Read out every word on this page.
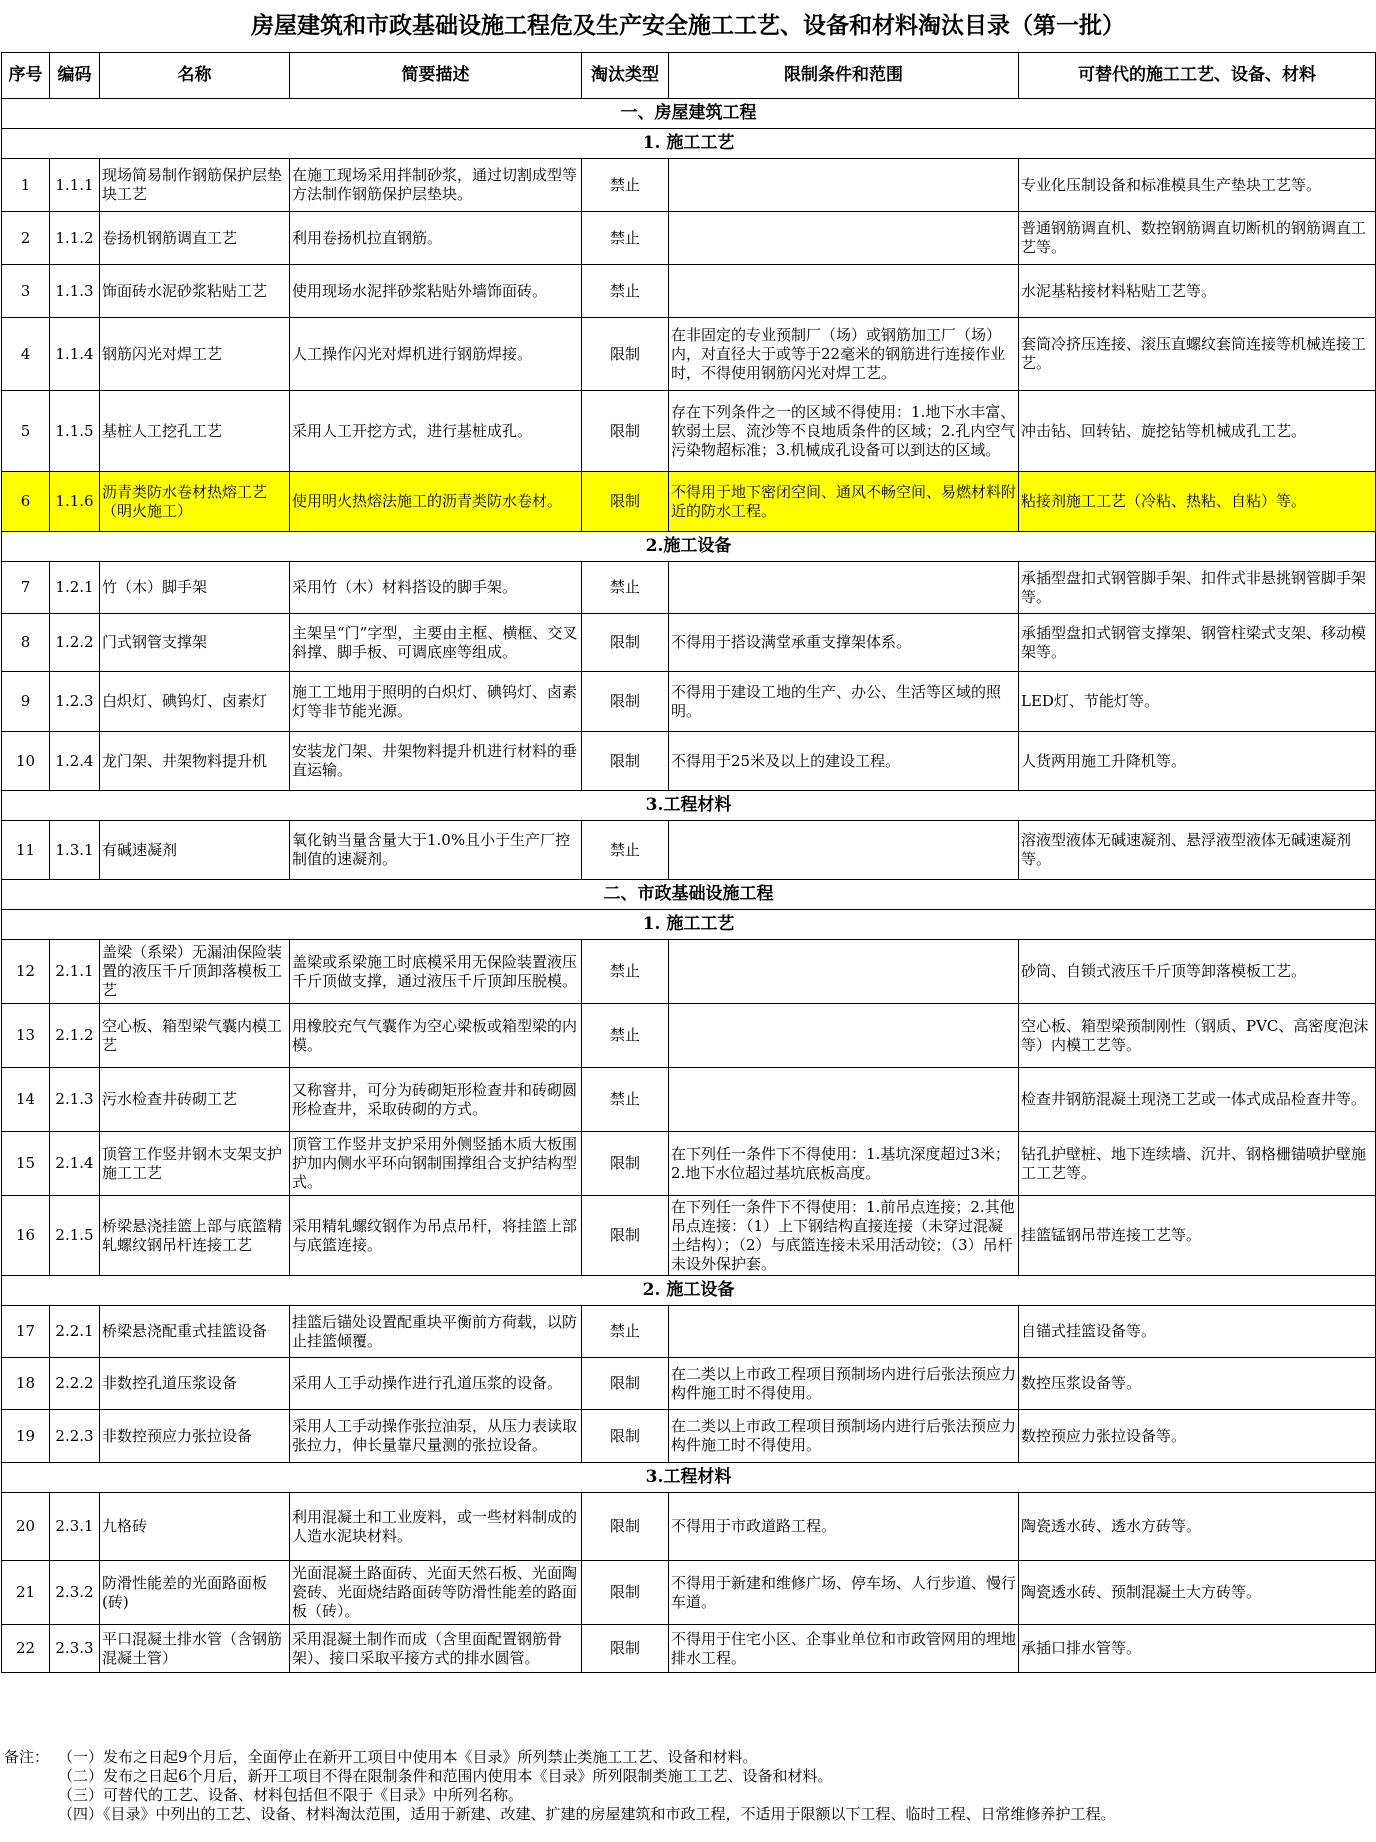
房屋建筑和市政基础设施工程危及生产安全施工工艺、设备和材料淘汰目录（第一批）
序号	编码	名称	简要描述	淘汰类型	限制条件和范围	可替代的施工工艺、设备、材料
一、房屋建筑工程						
1. 施工工艺						
1	1.1.1	现场简易制作钢筋保护层垫块工艺	在施工现场采用拌制砂浆，通过切割成型等方法制作钢筋保护层垫块。	禁止		专业化压制设备和标准模具生产垫块工艺等。
2	1.1.2	卷扬机钢筋调直工艺	利用卷扬机拉直钢筋。	禁止		普通钢筋调直机、数控钢筋调直切断机的钢筋调直工艺等。
3	1.1.3	饰面砖水泥砂浆粘贴工艺	使用现场水泥拌砂浆粘贴外墙饰面砖。	禁止		水泥基粘接材料粘贴工艺等。
4	1.1.4	钢筋闪光对焊工艺	人工操作闪光对焊机进行钢筋焊接。	限制	在非固定的专业预制厂（场）或钢筋加工厂（场）内，对直径大于或等于22毫米的钢筋进行连接作业时，不得使用钢筋闪光对焊工艺。	套筒冷挤压连接、滚压直螺纹套筒连接等机械连接工艺。
5	1.1.5	基桩人工挖孔工艺	采用人工开挖方式，进行基桩成孔。	限制	存在下列条件之一的区域不得使用：1.地下水丰富、软弱土层、流沙等不良地质条件的区域；2.孔内空气污染物超标准；3.机械成孔设备可以到达的区域。	冲击钻、回转钻、旋挖钻等机械成孔工艺。
6	1.1.6	沥青类防水卷材热熔工艺（明火施工）	使用明火热熔法施工的沥青类防水卷材。	限制	不得用于地下密闭空间、通风不畅空间、易燃材料附近的防水工程。	粘接剂施工工艺（冷粘、热粘、自粘）等。
2.施工设备						
7	1.2.1	竹（木）脚手架	采用竹（木）材料搭设的脚手架。	禁止		承插型盘扣式钢管脚手架、扣件式非悬挑钢管脚手架等。
8	1.2.2	门式钢管支撑架	主架呈“门”字型，主要由主框、横框、交叉斜撑、脚手板、可调底座等组成。	限制	不得用于搭设满堂承重支撑架体系。	承插型盘扣式钢管支撑架、钢管柱梁式支架、移动模架等。
9	1.2.3	白炽灯、碘钨灯、卤素灯	施工工地用于照明的白炽灯、碘钨灯、卤素灯等非节能光源。	限制	不得用于建设工地的生产、办公、生活等区域的照明。	LED灯、节能灯等。
10	1.2.4	龙门架、井架物料提升机	安装龙门架、井架物料提升机进行材料的垂直运输。	限制	不得用于25米及以上的建设工程。	人货两用施工升降机等。
3.工程材料						
11	1.3.1	有碱速凝剂	氧化钠当量含量大于1.0%且小于生产厂控制值的速凝剂。	禁止		溶液型液体无碱速凝剂、悬浮液型液体无碱速凝剂等。
二、市政基础设施工程						
1. 施工工艺						
12	2.1.1	盖梁（系梁）无漏油保险装置的液压千斤顶卸落模板工艺	盖梁或系梁施工时底模采用无保险装置液压千斤顶做支撑，通过液压千斤顶卸压脱模。	禁止		砂筒、自锁式液压千斤顶等卸落模板工艺。
13	2.1.2	空心板、箱型梁气囊内模工艺	用橡胶充气气囊作为空心梁板或箱型梁的内模。	禁止		空心板、箱型梁预制刚性（钢质、PVC、高密度泡沫等）内模工艺等。
14	2.1.3	污水检查井砖砌工艺	又称窨井，可分为砖砌矩形检查井和砖砌圆形检查井，采取砖砌的方式。	禁止		检查井钢筋混凝土现浇工艺或一体式成品检查井等。
15	2.1.4	顶管工作竖井钢木支架支护施工工艺	顶管工作竖井支护采用外侧竖插木质大板围护加内侧水平环向钢制围撑组合支护结构型式。	限制	在下列任一条件下不得使用：1.基坑深度超过3米；2.地下水位超过基坑底板高度。	钻孔护壁桩、地下连续墙、沉井、钢格栅锚喷护壁施工工艺等。
16	2.1.5	桥梁悬浇挂篮上部与底篮精轧螺纹钢吊杆连接工艺	采用精轧螺纹钢作为吊点吊杆，将挂篮上部与底篮连接。	限制	在下列任一条件下不得使用：1.前吊点连接；2.其他吊点连接：（1）上下钢结构直接连接（未穿过混凝土结构）；（2）与底篮连接未采用活动铰；（3）吊杆未设外保护套。	挂篮锰钢吊带连接工艺等。
2. 施工设备						
17	2.2.1	桥梁悬浇配重式挂篮设备	挂篮后锚处设置配重块平衡前方荷载，以防止挂篮倾覆。	禁止		自锚式挂篮设备等。
18	2.2.2	非数控孔道压浆设备	采用人工手动操作进行孔道压浆的设备。	限制	在二类以上市政工程项目预制场内进行后张法预应力构件施工时不得使用。	数控压浆设备等。
19	2.2.3	非数控预应力张拉设备	采用人工手动操作张拉油泵，从压力表读取张拉力，伸长量靠尺量测的张拉设备。	限制	在二类以上市政工程项目预制场内进行后张法预应力构件施工时不得使用。	数控预应力张拉设备等。
3.工程材料						
20	2.3.1	九格砖	利用混凝土和工业废料，或一些材料制成的人造水泥块材料。	限制	不得用于市政道路工程。	陶瓷透水砖、透水方砖等。
21	2.3.2	防滑性能差的光面路面板(砖)	光面混凝土路面砖、光面天然石板、光面陶瓷砖、光面烧结路面砖等防滑性能差的路面板（砖）。	限制	不得用于新建和维修广场、停车场、人行步道、慢行车道。	陶瓷透水砖、预制混凝土大方砖等。
22	2.3.3	平口混凝土排水管（含钢筋混凝土管）	采用混凝土制作而成（含里面配置钢筋骨架）、接口采取平接方式的排水圆管。	限制	不得用于住宅小区、企事业单位和市政管网用的埋地排水工程。	承插口排水管等。
备注： （一）发布之日起9个月后，全面停止在新开工项目中使用本《目录》所列禁止类施工工艺、设备和材料。
（二）发布之日起6个月后，新开工项目不得在限制条件和范围内使用本《目录》所列限制类施工工艺、设备和材料。
（三）可替代的工艺、设备、材料包括但不限于《目录》中所列名称。
（四）《目录》中列出的工艺、设备、材料淘汰范围，适用于新建、改建、扩建的房屋建筑和市政工程，不适用于限额以下工程、临时工程、日常维修养护工程。
